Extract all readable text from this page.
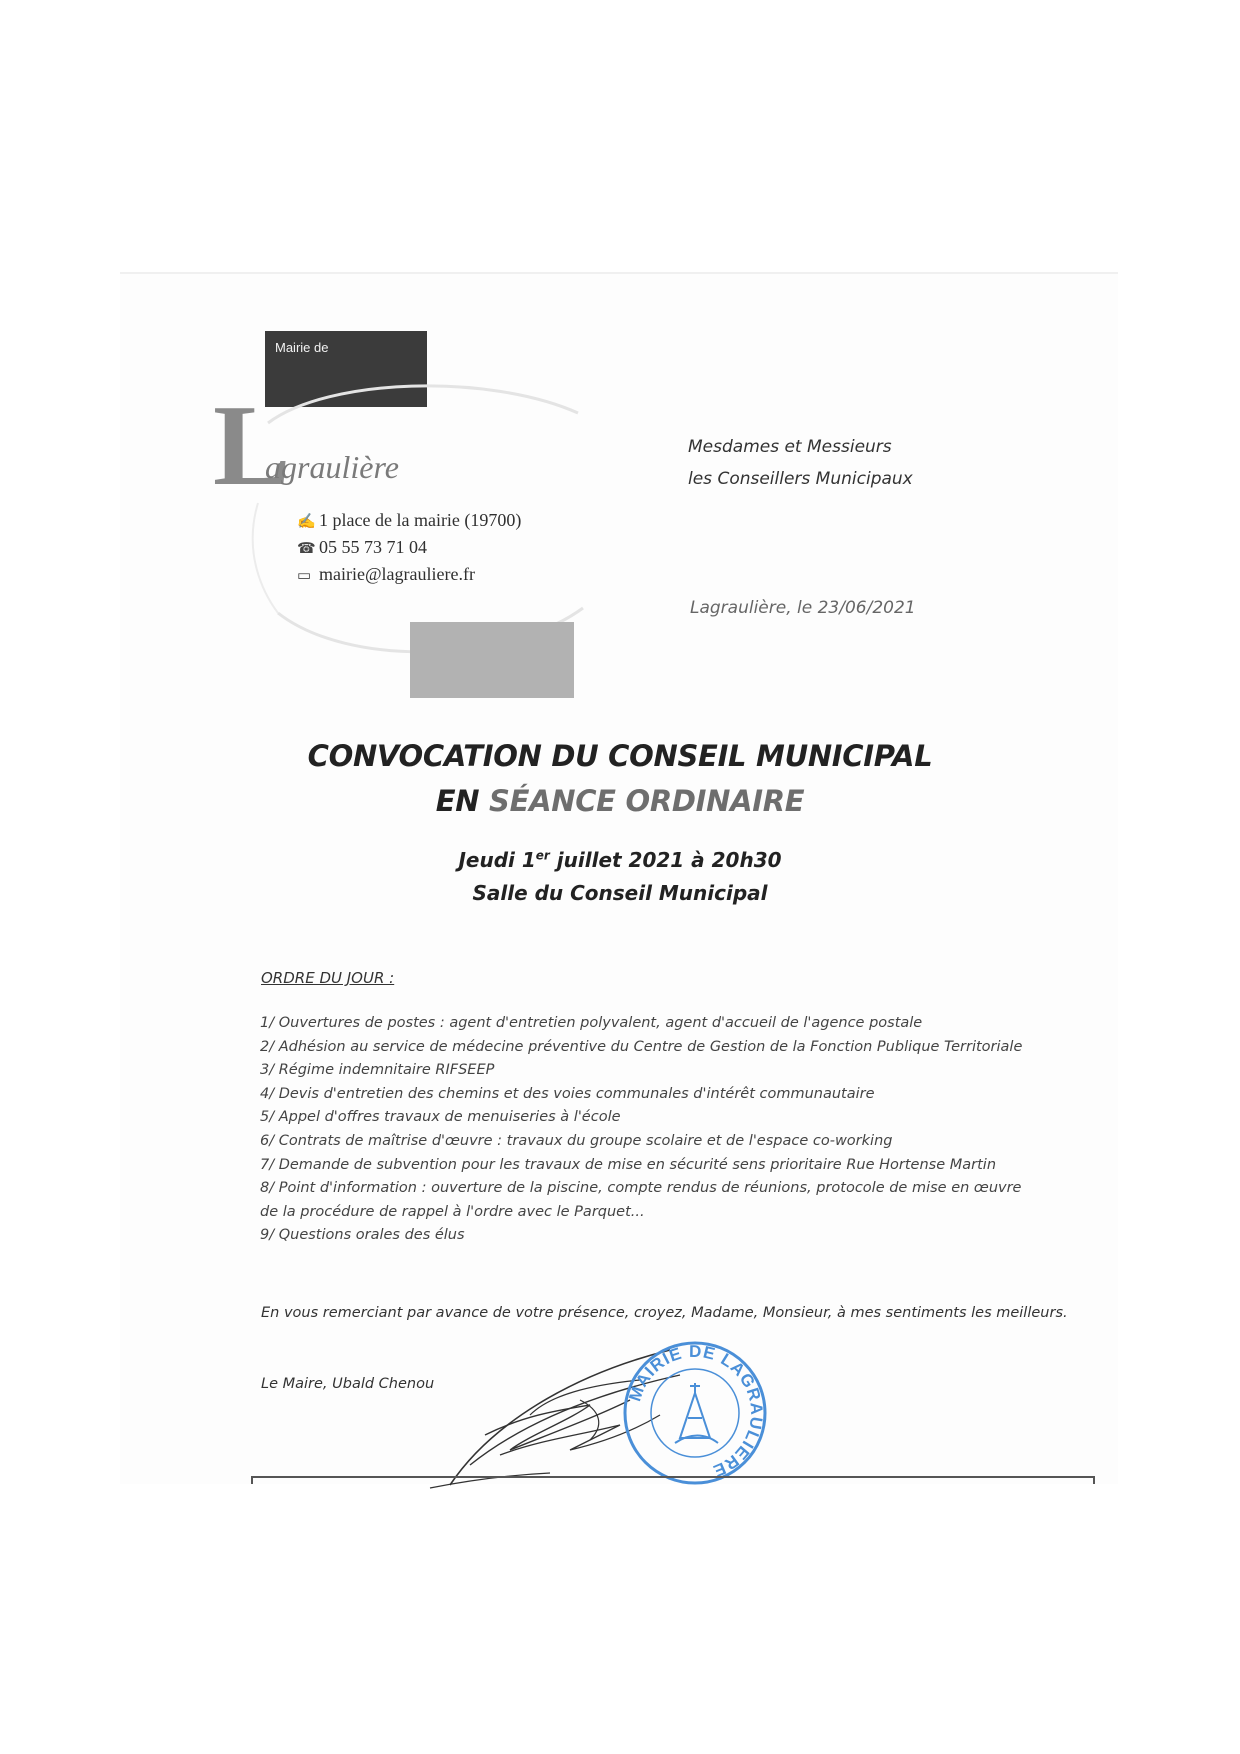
Mairie de
L
agraulière
✍ 1 place de la mairie (19700)
☎ 05 55 73 71 04
▭ mairie@lagrauliere.fr
Mesdames et Messieurs
les Conseillers Municipaux
Lagraulière, le 23/06/2021
CONVOCATION DU CONSEIL MUNICIPAL
EN SÉANCE ORDINAIRE
Jeudi 1er juillet 2021 à 20h30
Salle du Conseil Municipal
ORDRE DU JOUR :
1/ Ouvertures de postes : agent d'entretien polyvalent, agent d'accueil de l'agence postale
2/ Adhésion au service de médecine préventive du Centre de Gestion de la Fonction Publique Territoriale
3/ Régime indemnitaire RIFSEEP
4/ Devis d'entretien des chemins et des voies communales d'intérêt communautaire
5/ Appel d'offres travaux de menuiseries à l'école
6/ Contrats de maîtrise d'œuvre : travaux du groupe scolaire et de l'espace co-working
7/ Demande de subvention pour les travaux de mise en sécurité sens prioritaire Rue Hortense Martin
8/ Point d'information : ouverture de la piscine, compte rendus de réunions, protocole de mise en œuvre
de la procédure de rappel à l'ordre avec le Parquet...
9/ Questions orales des élus
En vous remerciant par avance de votre présence, croyez, Madame, Monsieur, à mes sentiments les meilleurs.
Le Maire, Ubald Chenou	MAIRIE DE LAGRAULIÈRE
